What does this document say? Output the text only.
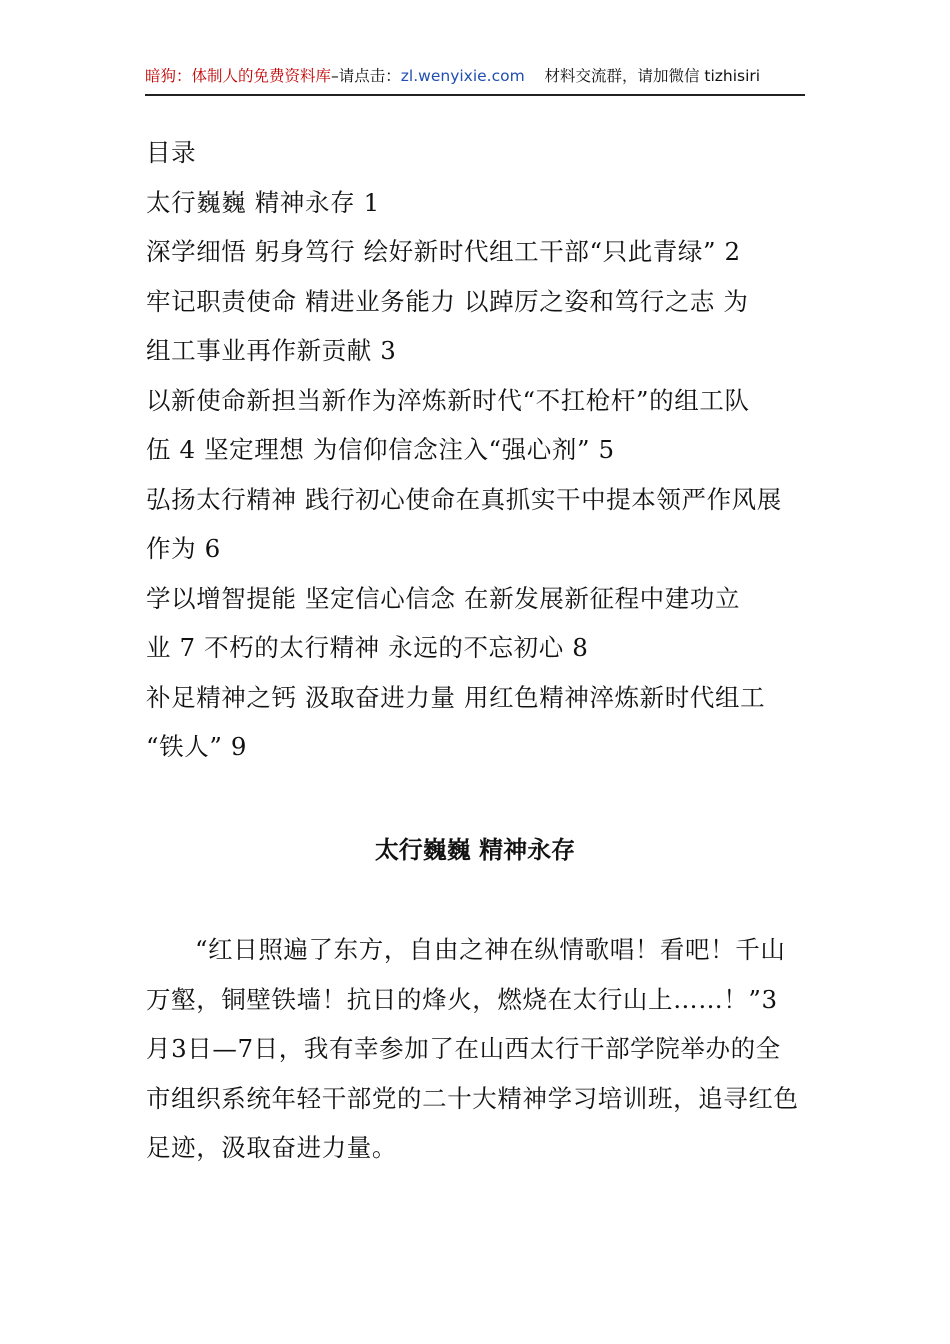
暗狗：体制人的免费资料库–请点击：zl.wenyixie.com 材料交流群，请加微信 tizhisiri
目录
太行巍巍 精神永存 1
深学细悟 躬身笃行 绘好新时代组工干部“只此青绿” 2
牢记职责使命 精进业务能力 以踔厉之姿和笃行之志 为
组工事业再作新贡献 3
以新使命新担当新作为淬炼新时代“不扛枪杆”的组工队
伍 4 坚定理想 为信仰信念注入“强心剂” 5
弘扬太行精神 践行初心使命在真抓实干中提本领严作风展
作为 6
学以增智提能 坚定信心信念 在新发展新征程中建功立
业 7 不朽的太行精神 永远的不忘初心 8
补足精神之钙 汲取奋进力量 用红色精神淬炼新时代组工
“铁人” 9
太行巍巍 精神永存
“红日照遍了东方，自由之神在纵情歌唱！看吧！千山万壑，铜壁铁墙！抗日的烽火，燃烧在太行山上……！”3月3日—7日，我有幸参加了在山西太行干部学院举办的全市组织系统年轻干部党的二十大精神学习培训班，追寻红色足迹，汲取奋进力量。
